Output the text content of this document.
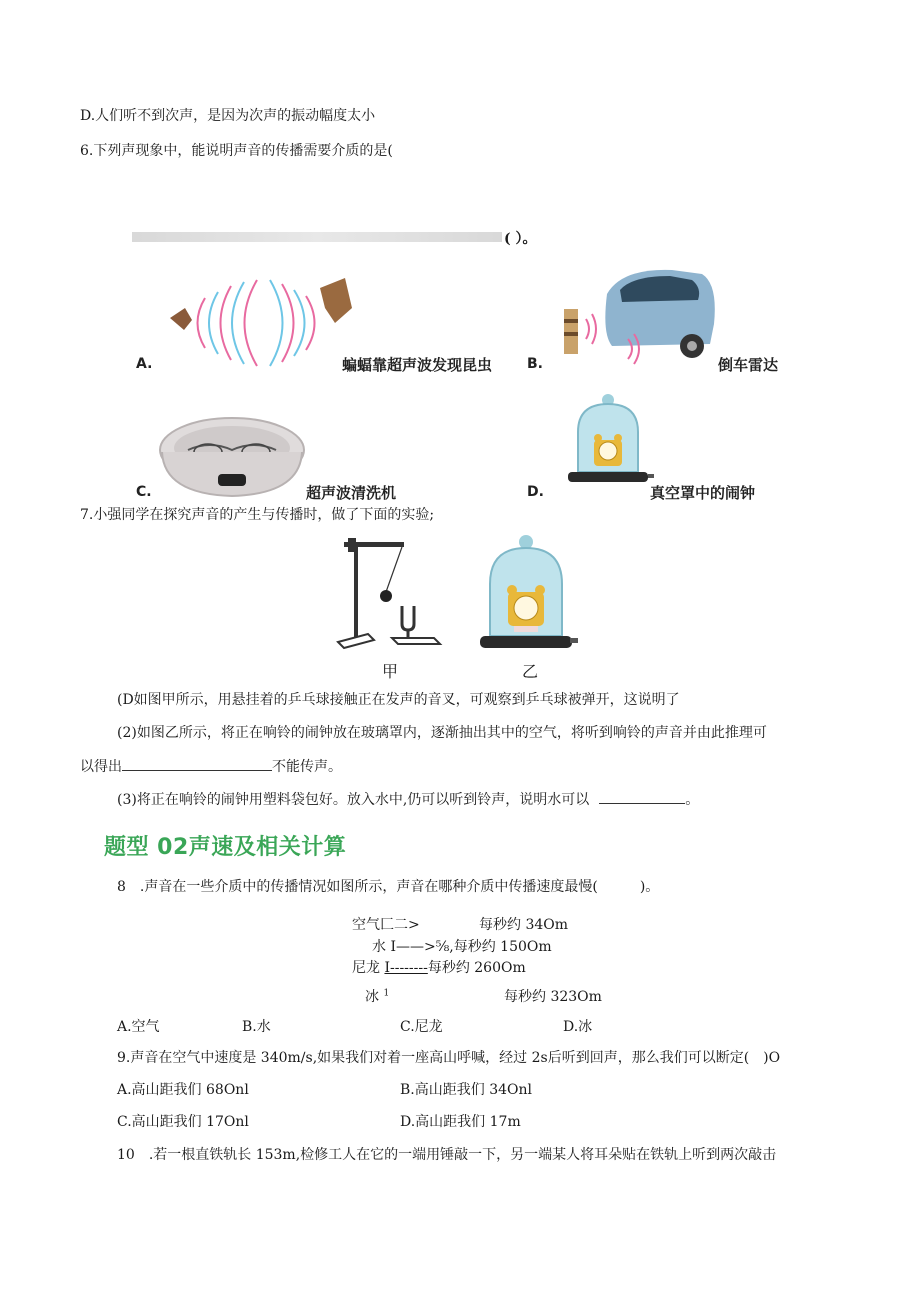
D.人们听不到次声，是因为次声的振动幅度太小
6.下列声现象中，能说明声音的传播需要介质的是(
( ）。
A.	蝙蝠靠超声波发现昆虫 B.	倒车雷达
C.	超声波清洗机	D.	真空罩中的闹钟
7.小强同学在探究声音的产生与传播时，做了下面的实验;
甲	乙
(D如图甲所示，用悬挂着的乒乓球接触正在发声的音叉，可观察到乒乓球被弹开，这说明了
(2)如图乙所示，将正在响铃的闹钟放在玻璃罩内，逐渐抽出其中的空气，将听到响铃的声音并由此推理可
以得出	不能传声。
(3)将正在响铃的闹钟用塑料袋包好。放入水中,仍可以听到铃声，说明水可以	。
题型 02声速及相关计算
8　.声音在一些介质中的传播情况如图所示，声音在哪种介质中传播速度最慢(　　　)。
空气匚二>	每秒约 34Om
水 I——>⅝,每秒约 150Om
尼龙 I--------每秒约 260Om
冰 $^1$	每秒约 323Om
A.空气	B.水	C.尼龙	D.冰
9.声音在空气中速度是 340m∕s,如果我们对着一座高山呼喊，经过 2s后听到回声，那么我们可以断定(　)O
A.高山距我们 68Onl	B.高山距我们 34Onl
C.高山距我们 17Onl	D.高山距我们 17m
10　.若一根直铁轨长 153m,检修工人在它的一端用锤敲一下，另一端某人将耳朵贴在铁轨上听到两次敲击
